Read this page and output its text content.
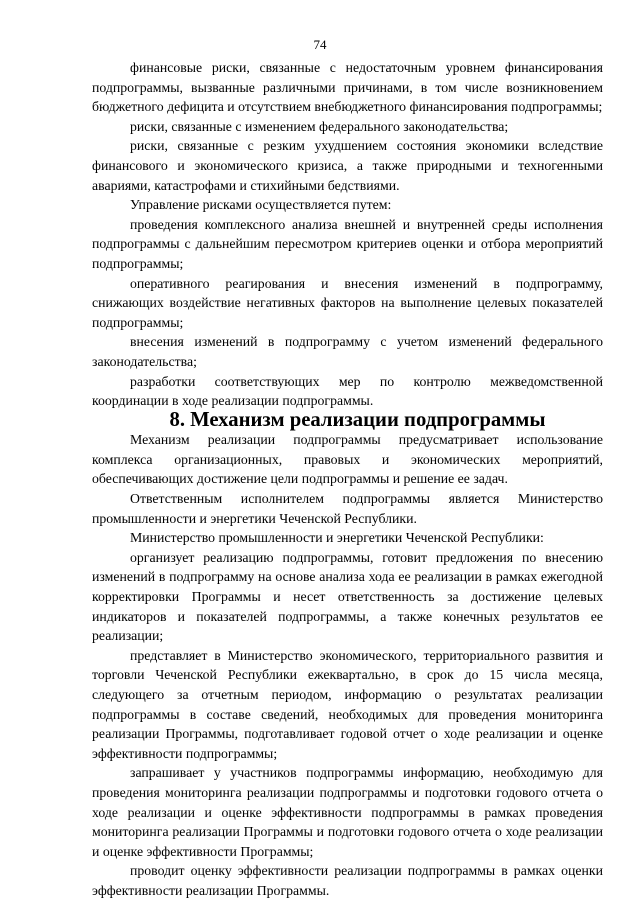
74

финансовые риски, связанные с недостаточным уровнем финансирования подпрограммы, вызванные различными причинами, в том числе возникновением бюджетного дефицита и отсутствием внебюджетного финансирования подпрограммы;

риски, связанные с изменением федерального законодательства;

риски, связанные с резким ухудшением состояния экономики вследствие финансового и экономического кризиса, а также природными и техногенными авариями, катастрофами и стихийными бедствиями.

Управление рисками осуществляется путем:

проведения комплексного анализа внешней и внутренней среды исполнения подпрограммы с дальнейшим пересмотром критериев оценки и отбора мероприятий подпрограммы;

оперативного реагирования и внесения изменений в подпрограмму, снижающих воздействие негативных факторов на выполнение целевых показателей подпрограммы;

внесения изменений в подпрограмму с учетом изменений федерального законодательства;

разработки соответствующих мер по контролю межведомственной координации в ходе реализации подпрограммы.

8. Механизм реализации подпрограммы

Механизм реализации подпрограммы предусматривает использование комплекса организационных, правовых и экономических мероприятий, обеспечивающих достижение цели подпрограммы и решение ее задач.

Ответственным исполнителем подпрограммы является Министерство промышленности и энергетики Чеченской Республики.

Министерство промышленности и энергетики Чеченской Республики:

организует реализацию подпрограммы, готовит предложения по внесению изменений в подпрограмму на основе анализа хода ее реализации в рамках ежегодной корректировки Программы и несет ответственность за достижение целевых индикаторов и показателей подпрограммы, а также конечных результатов ее реализации;

представляет в Министерство экономического, территориального развития и торговли Чеченской Республики ежеквартально, в срок до 15 числа месяца, следующего за отчетным периодом, информацию о результатах реализации подпрограммы в составе сведений, необходимых для проведения мониторинга реализации Программы, подготавливает годовой отчет о ходе реализации и оценке эффективности подпрограммы;

запрашивает у участников подпрограммы информацию, необходимую для проведения мониторинга реализации подпрограммы и подготовки годового отчета о ходе реализации и оценке эффективности подпрограммы в рамках проведения мониторинга реализации Программы и подготовки годового отчета о ходе реализации и оценке эффективности Программы;

проводит оценку эффективности реализации подпрограммы в рамках оценки эффективности реализации Программы.
